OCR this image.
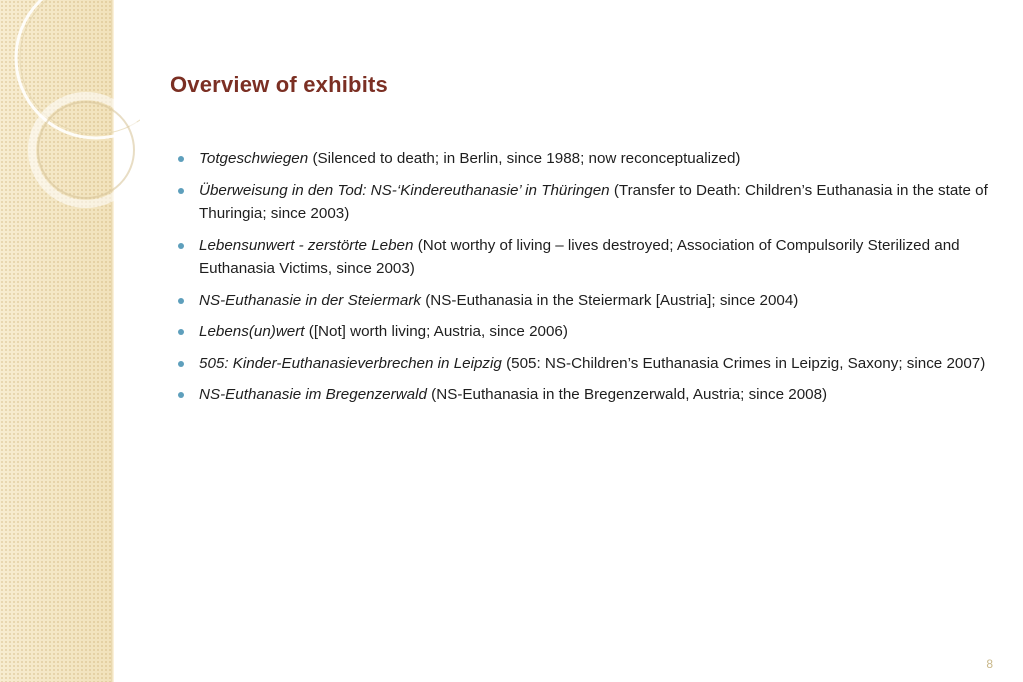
Overview of exhibits
Totgeschwiegen (Silenced to death; in Berlin, since 1988; now reconceptualized)
Überweisung in den Tod: NS-‘Kindereuthanasie’ in Thüringen (Transfer to Death: Children’s Euthanasia in the state of Thuringia; since 2003)
Lebensunwert - zerstörte Leben (Not worthy of living – lives destroyed; Association of Compulsorily Sterilized and Euthanasia Victims, since 2003)
NS-Euthanasie in der Steiermark (NS-Euthanasia in the Steiermark [Austria]; since 2004)
Lebens(un)wert ([Not] worth living; Austria, since 2006)
505: Kinder-Euthanasieverbrechen in Leipzig (505: NS-Children’s Euthanasia Crimes in Leipzig, Saxony; since 2007)
NS-Euthanasie im Bregenzerwald (NS-Euthanasia in the Bregenzerwald, Austria; since 2008)
8
